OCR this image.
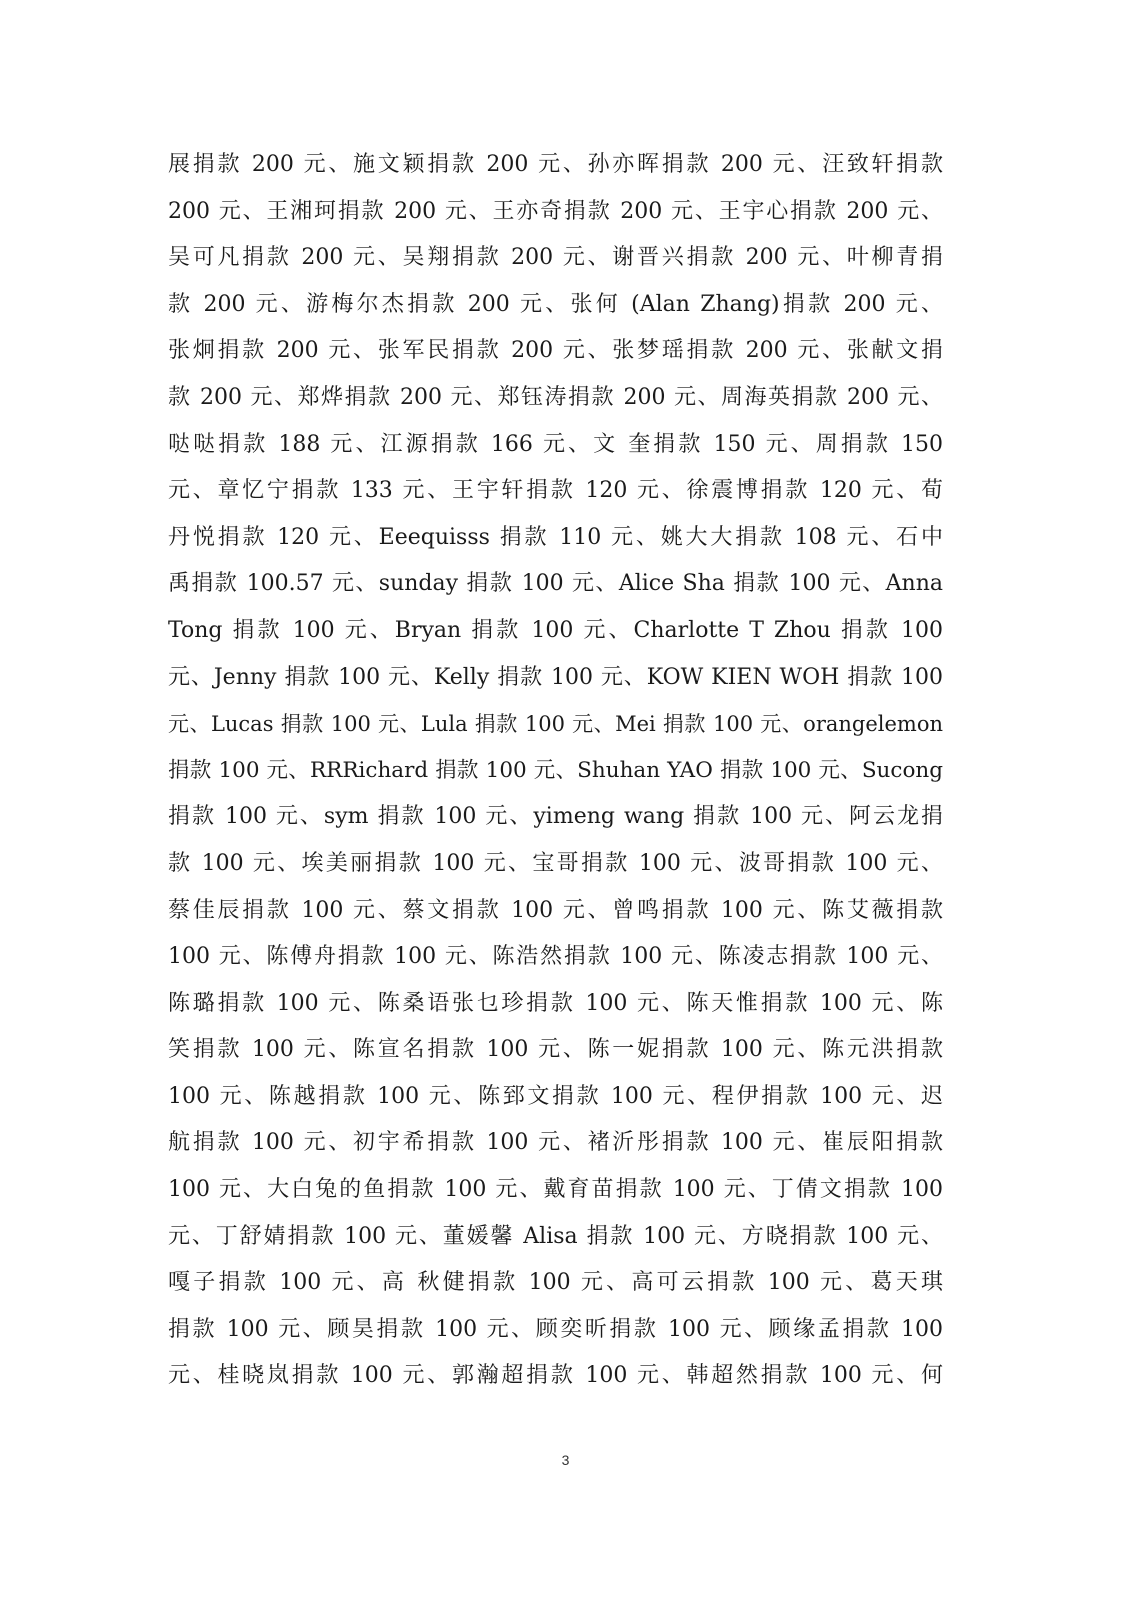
展捐款 200 元、施文颖捐款 200 元、孙亦晖捐款 200 元、汪致轩捐款
200 元、王湘珂捐款 200 元、王亦奇捐款 200 元、王宇心捐款 200 元、
吴可凡捐款 200 元、吴翔捐款 200 元、谢晋兴捐款 200 元、叶柳青捐
款 200 元、游梅尔杰捐款 200 元、张何 (Alan Zhang)捐款 200 元、
张炯捐款 200 元、张军民捐款 200 元、张梦瑶捐款 200 元、张献文捐
款 200 元、郑烨捐款 200 元、郑钰涛捐款 200 元、周海英捐款 200 元、
哒哒捐款 188 元、江源捐款 166 元、文 奎捐款 150 元、周捐款 150
元、章忆宁捐款 133 元、王宇轩捐款 120 元、徐震博捐款 120 元、荀
丹悦捐款 120 元、Eeequisss 捐款 110 元、姚大大捐款 108 元、石中
禹捐款 100.57 元、sunday 捐款 100 元、Alice Sha 捐款 100 元、Anna
Tong 捐款 100 元、Bryan 捐款 100 元、Charlotte T Zhou 捐款 100
元、Jenny 捐款 100 元、Kelly 捐款 100 元、KOW KIEN WOH 捐款 100
元、Lucas 捐款 100 元、Lula 捐款 100 元、Mei 捐款 100 元、orangelemon
捐款 100 元、RRRichard 捐款 100 元、Shuhan YAO 捐款 100 元、Sucong
捐款 100 元、sym 捐款 100 元、yimeng wang 捐款 100 元、阿云龙捐
款 100 元、埃美丽捐款 100 元、宝哥捐款 100 元、波哥捐款 100 元、
蔡佳辰捐款 100 元、蔡文捐款 100 元、曾鸣捐款 100 元、陈艾薇捐款
100 元、陈傅舟捐款 100 元、陈浩然捐款 100 元、陈凌志捐款 100 元、
陈璐捐款 100 元、陈桑语张乜珍捐款 100 元、陈天惟捐款 100 元、陈
笑捐款 100 元、陈宣名捐款 100 元、陈一妮捐款 100 元、陈元洪捐款
100 元、陈越捐款 100 元、陈郅文捐款 100 元、程伊捐款 100 元、迟
航捐款 100 元、初宇希捐款 100 元、褚沂彤捐款 100 元、崔辰阳捐款
100 元、大白兔的鱼捐款 100 元、戴育苗捐款 100 元、丁倩文捐款 100
元、丁舒婧捐款 100 元、董媛馨 Alisa 捐款 100 元、方晓捐款 100 元、
嘎子捐款 100 元、高 秋健捐款 100 元、高可云捐款 100 元、葛天琪
捐款 100 元、顾昊捐款 100 元、顾奕昕捐款 100 元、顾缘孟捐款 100
元、桂晓岚捐款 100 元、郭瀚超捐款 100 元、韩超然捐款 100 元、何
3
